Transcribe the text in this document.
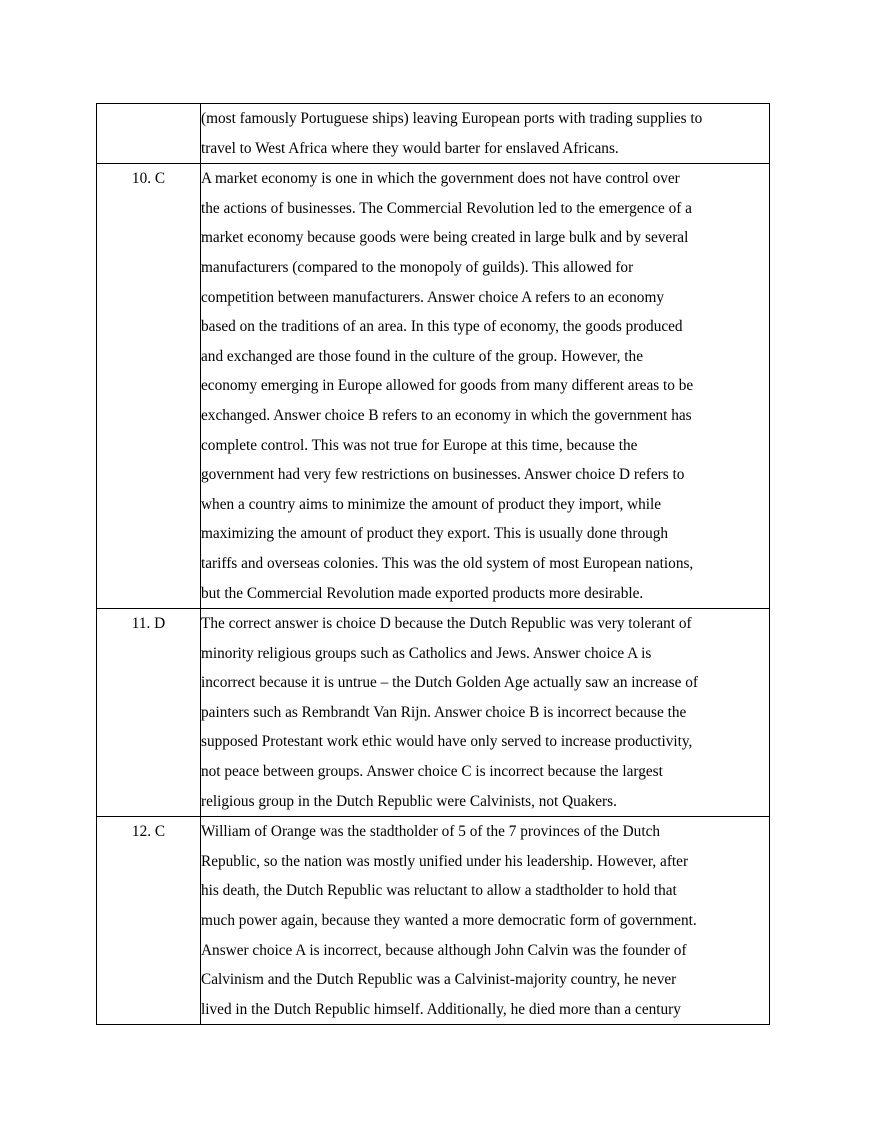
	(most famously Portuguese ships) leaving European ports with trading supplies to
travel to West Africa where they would barter for enslaved Africans.

10. C	A market economy is one in which the government does not have control over
the actions of businesses. The Commercial Revolution led to the emergence of a
market economy because goods were being created in large bulk and by several
manufacturers (compared to the monopoly of guilds). This allowed for
competition between manufacturers. Answer choice A refers to an economy
based on the traditions of an area. In this type of economy, the goods produced
and exchanged are those found in the culture of the group. However, the
economy emerging in Europe allowed for goods from many different areas to be
exchanged. Answer choice B refers to an economy in which the government has
complete control. This was not true for Europe at this time, because the
government had very few restrictions on businesses. Answer choice D refers to
when a country aims to minimize the amount of product they import, while
maximizing the amount of product they export. This is usually done through
tariffs and overseas colonies. This was the old system of most European nations,
but the Commercial Revolution made exported products more desirable.

11. D	The correct answer is choice D because the Dutch Republic was very tolerant of
minority religious groups such as Catholics and Jews. Answer choice A is
incorrect because it is untrue – the Dutch Golden Age actually saw an increase of
painters such as Rembrandt Van Rijn. Answer choice B is incorrect because the
supposed Protestant work ethic would have only served to increase productivity,
not peace between groups. Answer choice C is incorrect because the largest
religious group in the Dutch Republic were Calvinists, not Quakers.

12. C	William of Orange was the stadtholder of 5 of the 7 provinces of the Dutch
Republic, so the nation was mostly unified under his leadership. However, after
his death, the Dutch Republic was reluctant to allow a stadtholder to hold that
much power again, because they wanted a more democratic form of government.
Answer choice A is incorrect, because although John Calvin was the founder of
Calvinism and the Dutch Republic was a Calvinist-majority country, he never
lived in the Dutch Republic himself. Additionally, he died more than a century
